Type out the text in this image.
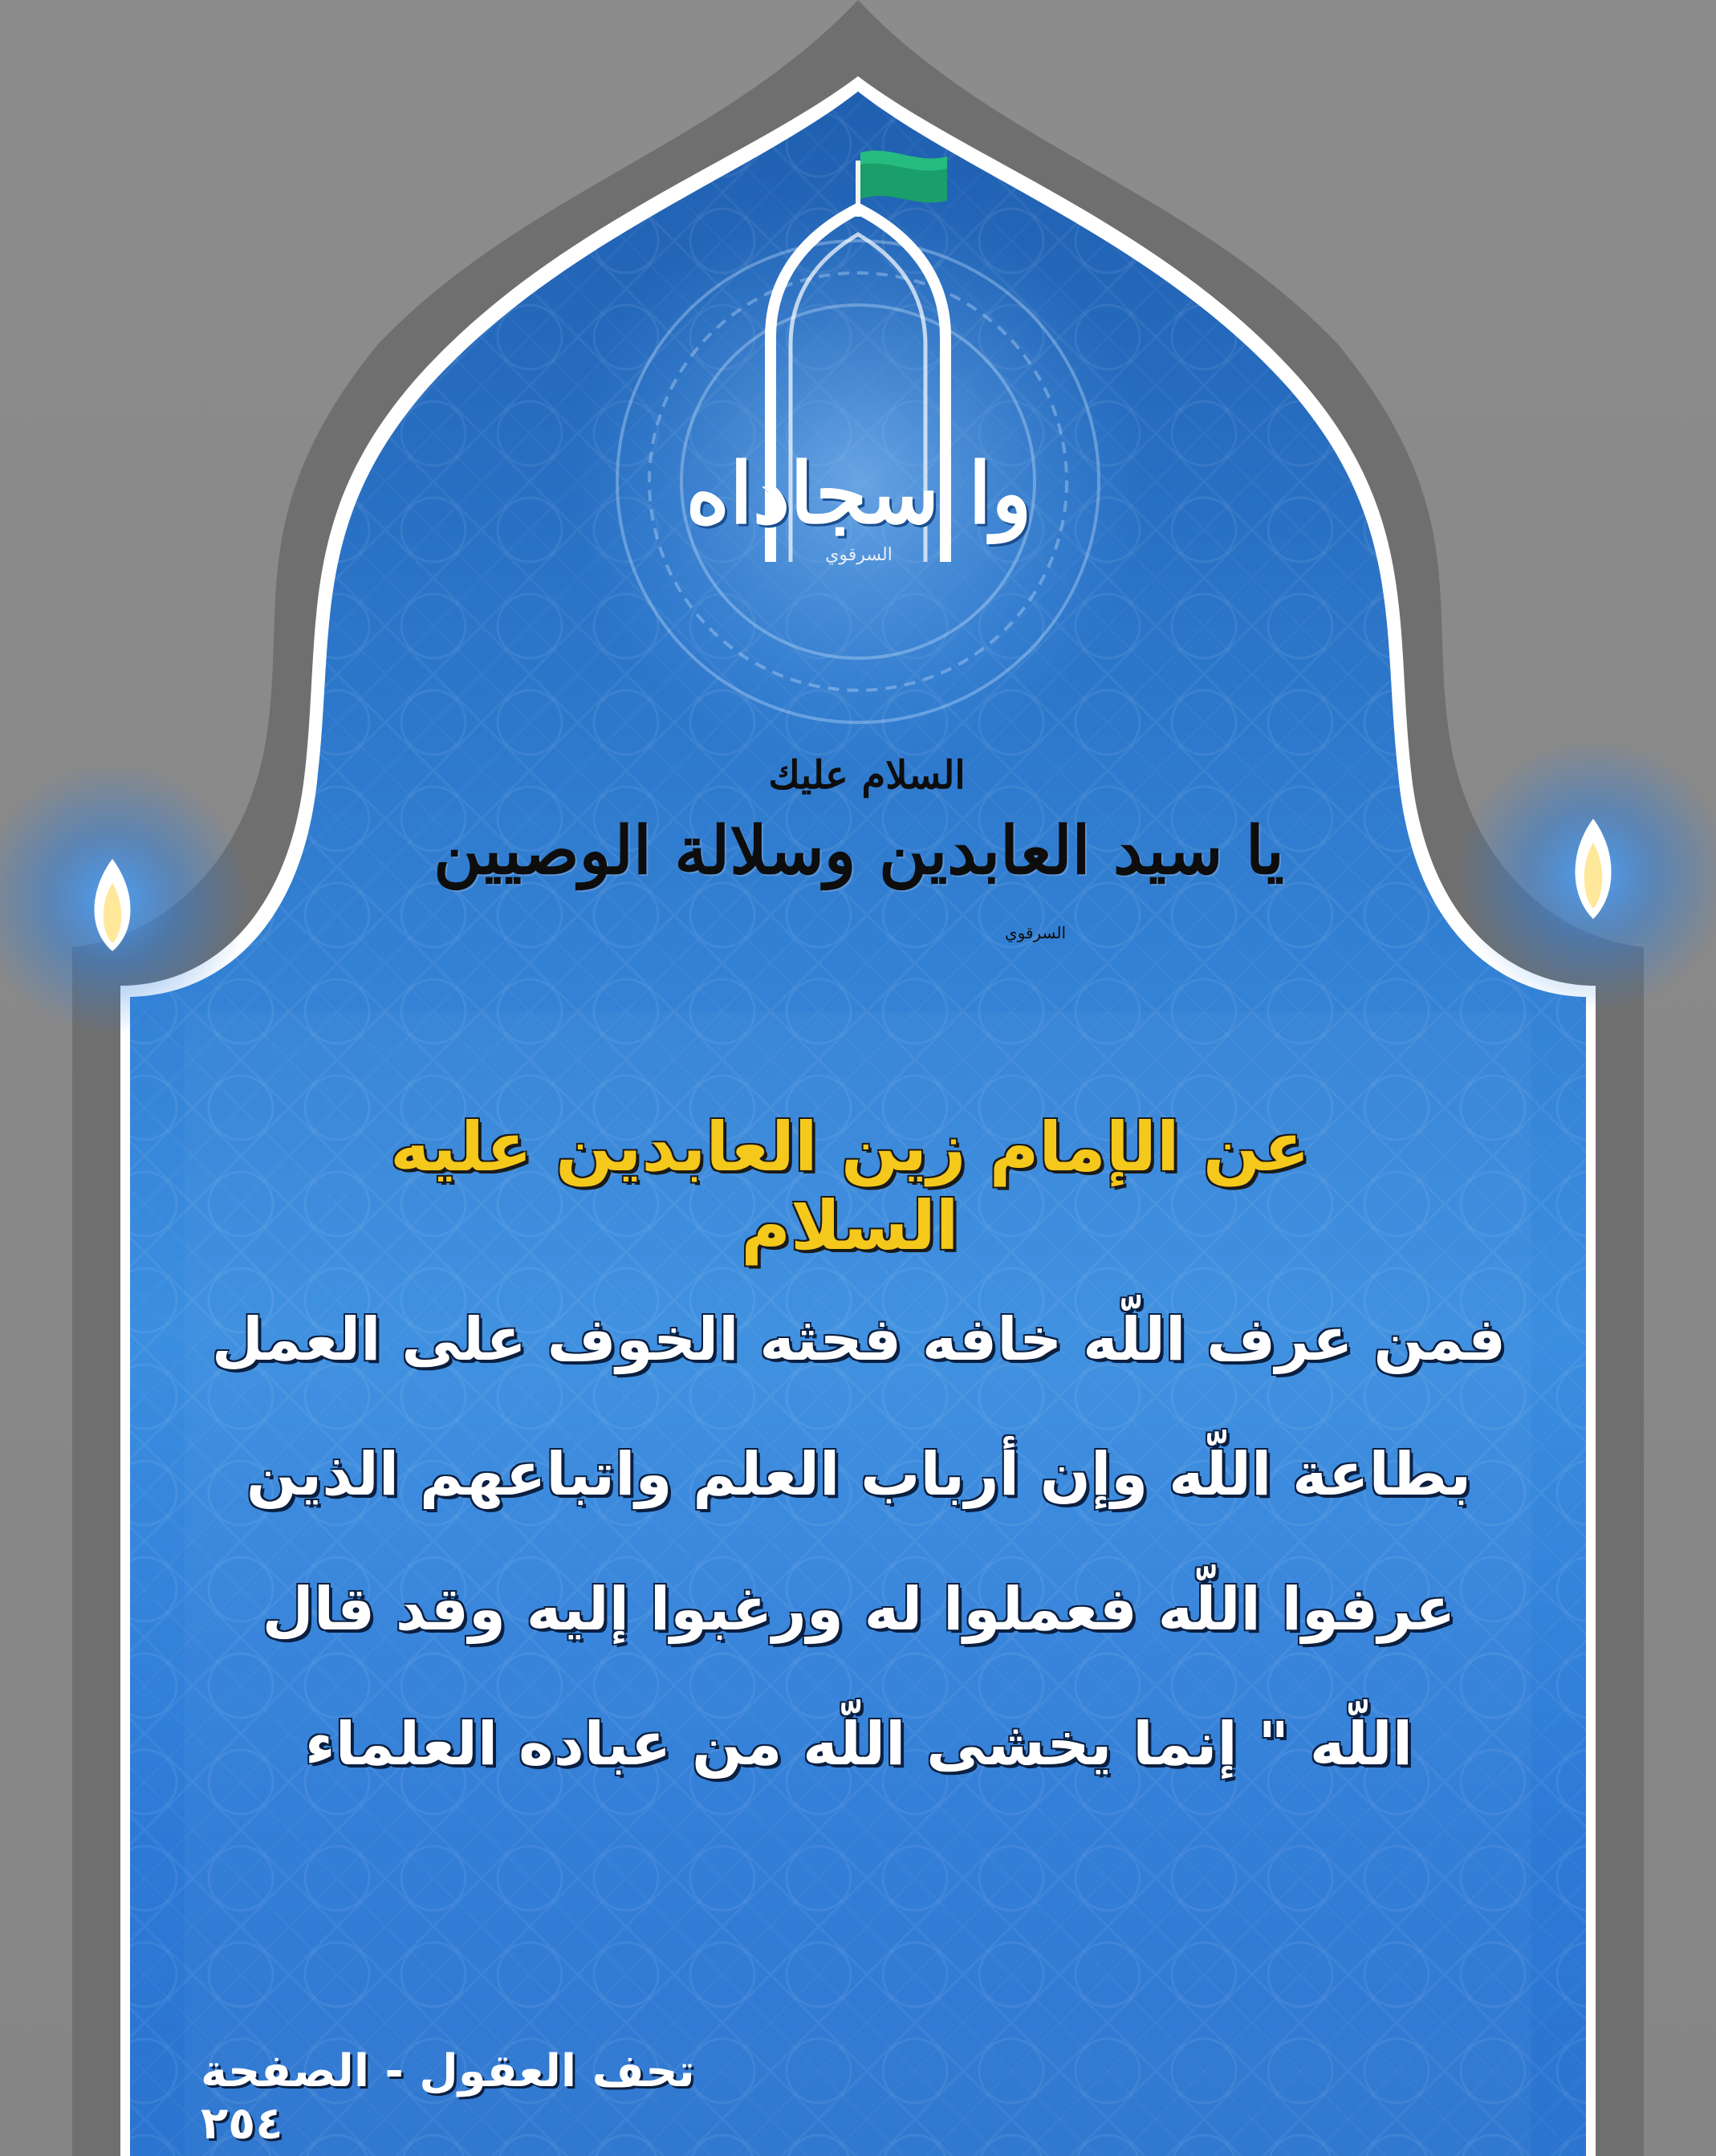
وا سجاداه
السرقوي
السلام عليك
يا سيد العابدين وسلالة الوصيين
السرقوي
عن الإمام زين العابدين عليه السلام
فمن عرف اللّه خافه فحثه الخوف على العمل
بطاعة اللّه وإن أرباب العلم واتباعهم الذين
عرفوا اللّه فعملوا له ورغبوا إليه وقد قال
اللّه " إنما يخشى اللّه من عباده العلماء
تحف العقول - الصفحة ٢٥٤
